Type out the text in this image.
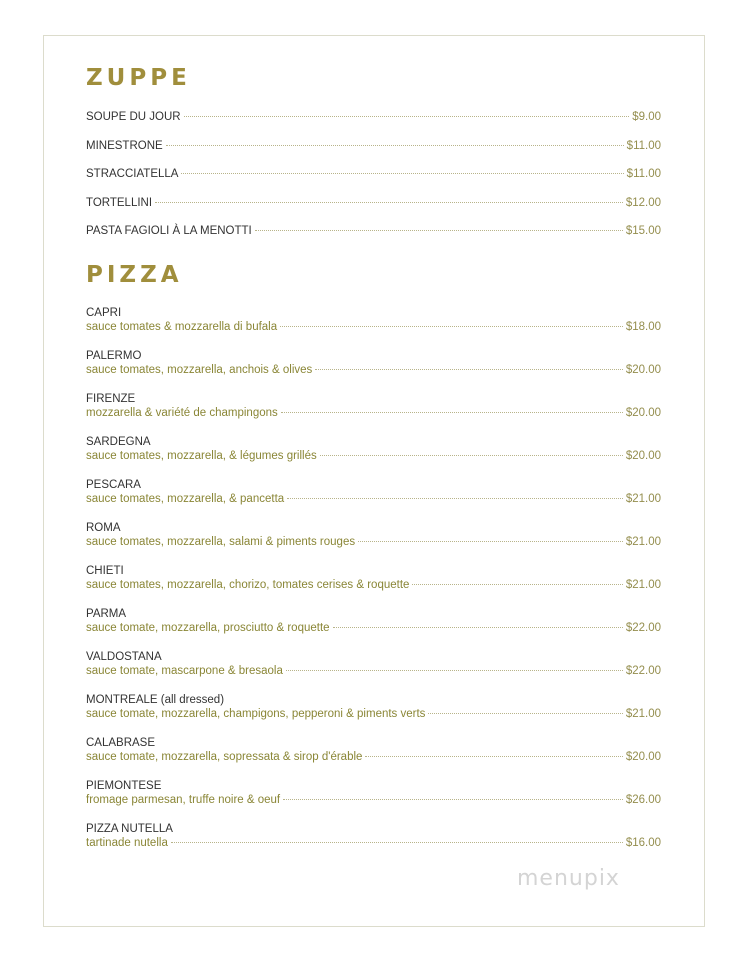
ZUPPE
SOUPE DU JOUR	$9.00
MINESTRONE	$11.00
STRACCIATELLA	$11.00
TORTELLINI	$12.00
PASTA FAGIOLI À LA MENOTTI	$15.00
PIZZA
CAPRI
sauce tomates & mozzarella di bufala	$18.00
PALERMO
sauce tomates, mozzarella, anchois & olives	$20.00
FIRENZE
mozzarella & variété de champingons	$20.00
SARDEGNA
sauce tomates, mozzarella, & légumes grillés	$20.00
PESCARA
sauce tomates, mozzarella, & pancetta	$21.00
ROMA
sauce tomates, mozzarella, salami & piments rouges	$21.00
CHIETI
sauce tomates, mozzarella, chorizo, tomates cerises & roquette	$21.00
PARMA
sauce tomate, mozzarella, prosciutto & roquette	$22.00
VALDOSTANA
sauce tomate, mascarpone & bresaola	$22.00
MONTREALE (all dressed)
sauce tomate, mozzarella, champigons, pepperoni & piments verts	$21.00
CALABRASE
sauce tomate, mozzarella, sopressata & sirop d'érable	$20.00
PIEMONTESE
fromage parmesan, truffe noire & oeuf	$26.00
PIZZA NUTELLA
tartinade nutella	$16.00
menupix
